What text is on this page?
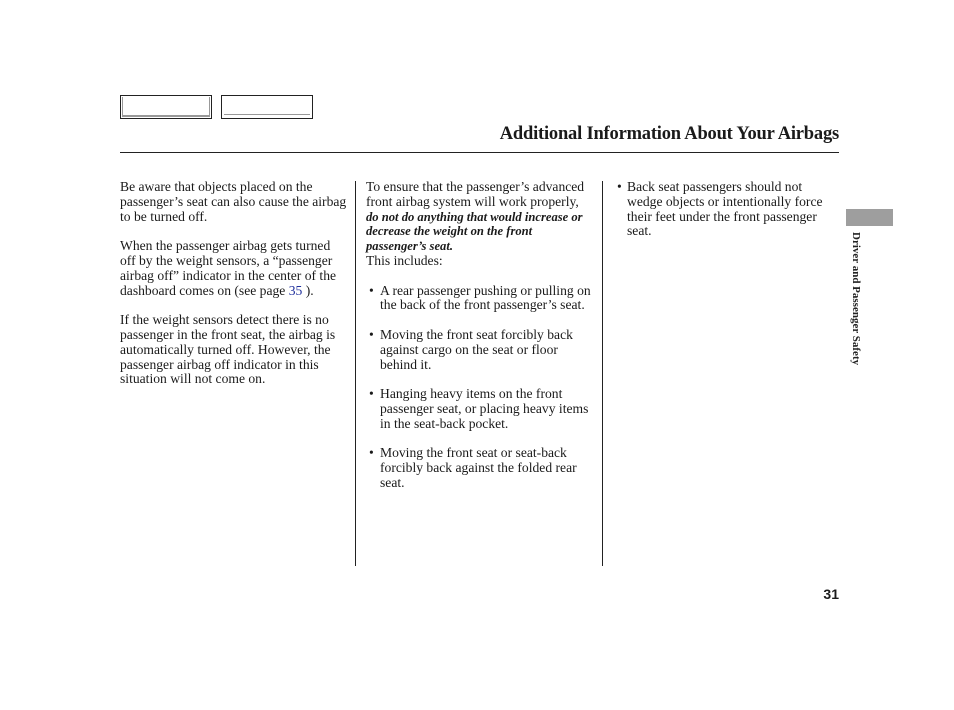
Additional Information About Your Airbags

Be aware that objects placed on the passenger’s seat can also cause the airbag to be turned off.

When the passenger airbag gets turned off by the weight sensors, a “passenger airbag off” indicator in the center of the dashboard comes on (see page 35 ).

If the weight sensors detect there is no passenger in the front seat, the airbag is automatically turned off. However, the passenger airbag off indicator in this situation will not come on.

To ensure that the passenger’s advanced front airbag system will work properly, do not do anything that would increase or decrease the weight on the front passenger’s seat.
This includes:

• A rear passenger pushing or pulling on the back of the front passenger’s seat.
• Moving the front seat forcibly back against cargo on the seat or floor behind it.
• Hanging heavy items on the front passenger seat, or placing heavy items in the seat-back pocket.
• Moving the front seat or seat-back forcibly back against the folded rear seat.
• Back seat passengers should not wedge objects or intentionally force their feet under the front passenger seat.
Driver and Passenger Safety
31
